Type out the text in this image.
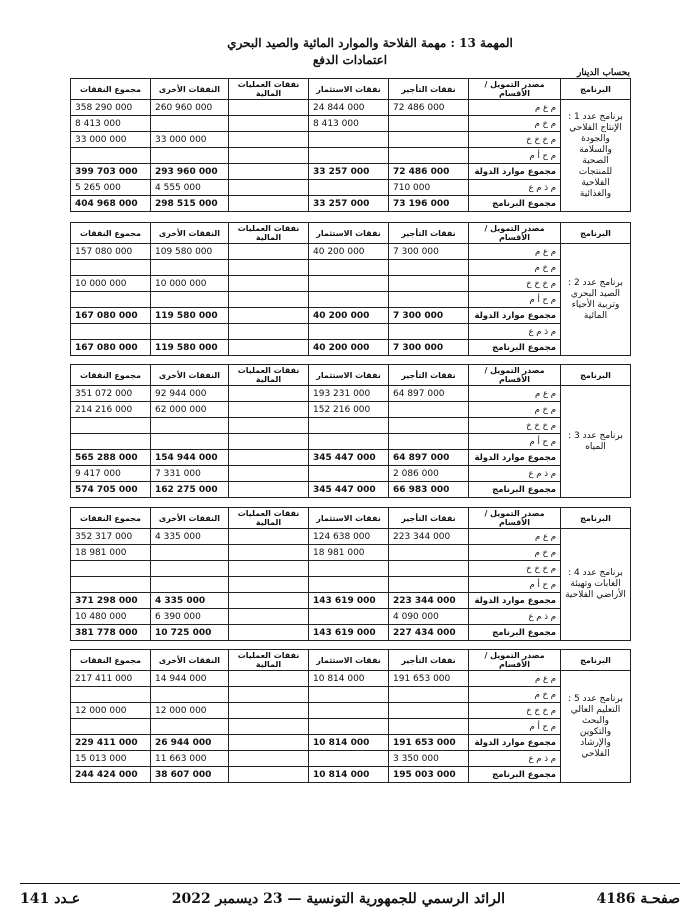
المهمة 13 : مهمة الفلاحة والموارد المائية والصيد البحري
اعتمادات الدفع
بحساب الدينار
البرنامج	مصدر التمويل / الأقسام	نفقات التأجير	نفقات الاستثمار	نفقات العمليات المالية	النفقات الأخرى	مجموع النفقات
برنامج عدد 1 : الإنتاج الفلاحي والجودة والسلامة الصحية للمنتجات الفلاحية والغذائية	م ع م	72 486 000	24 844 000		260 960 000	358 290 000
	م خ م		8 413 000			8 413 000
	م خ خ خ				33 000 000	33 000 000
	م ح أ م					
	مجموع موارد الدولة	72 486 000	33 257 000		293 960 000	399 703 000
	م ذ م ع	710 000			4 555 000	5 265 000
	مجموع البرنامج	73 196 000	33 257 000		298 515 000	404 968 000
البرنامج	مصدر التمويل / الأقسام	نفقات التأجير	نفقات الاستثمار	نفقات العمليات المالية	النفقات الأخرى	مجموع النفقات
برنامج عدد 2 : الصيد البحري وتربية الأحياء المائية	م ع م	7 300 000	40 200 000		109 580 000	157 080 000
	م خ م					
	م خ خ خ				10 000 000	10 000 000
	م ح أ م					
	مجموع موارد الدولة	7 300 000	40 200 000		119 580 000	167 080 000
	م ذ م ع					
	مجموع البرنامج	7 300 000	40 200 000		119 580 000	167 080 000
البرنامج	مصدر التمويل / الأقسام	نفقات التأجير	نفقات الاستثمار	نفقات العمليات المالية	النفقات الأخرى	مجموع النفقات
برنامج عدد 3 : المياه	م ع م	64 897 000	193 231 000		92 944 000	351 072 000
	م خ م		152 216 000		62 000 000	214 216 000
	م خ خ خ					
	م ح أ م					
	مجموع موارد الدولة	64 897 000	345 447 000		154 944 000	565 288 000
	م ذ م ع	2 086 000			7 331 000	9 417 000
	مجموع البرنامج	66 983 000	345 447 000		162 275 000	574 705 000
البرنامج	مصدر التمويل / الأقسام	نفقات التأجير	نفقات الاستثمار	نفقات العمليات المالية	النفقات الأخرى	مجموع النفقات
برنامج عدد 4 : الغابات وتهيئة الأراضي الفلاحية	م ع م	223 344 000	124 638 000		4 335 000	352 317 000
	م خ م		18 981 000			18 981 000
	م خ خ خ					
	م ح أ م					
	مجموع موارد الدولة	223 344 000	143 619 000		4 335 000	371 298 000
	م ذ م ع	4 090 000			6 390 000	10 480 000
	مجموع البرنامج	227 434 000	143 619 000		10 725 000	381 778 000
البرنامج	مصدر التمويل / الأقسام	نفقات التأجير	نفقات الاستثمار	نفقات العمليات المالية	النفقات الأخرى	مجموع النفقات
برنامج عدد 5 : التعليم العالي والبحث والتكوين والإرشاد الفلاحي	م ع م	191 653 000	10 814 000		14 944 000	217 411 000
	م خ م					
	م خ خ خ				12 000 000	12 000 000
	م ح أ م					
	مجموع موارد الدولة	191 653 000	10 814 000		26 944 000	229 411 000
	م ذ م ع	3 350 000			11 663 000	15 013 000
	مجموع البرنامج	195 003 000	10 814 000		38 607 000	244 424 000
عـدد 141	الرائد الرسمي للجمهورية التونسية — 23 ديسمبر 2022	صفحـة 4186
